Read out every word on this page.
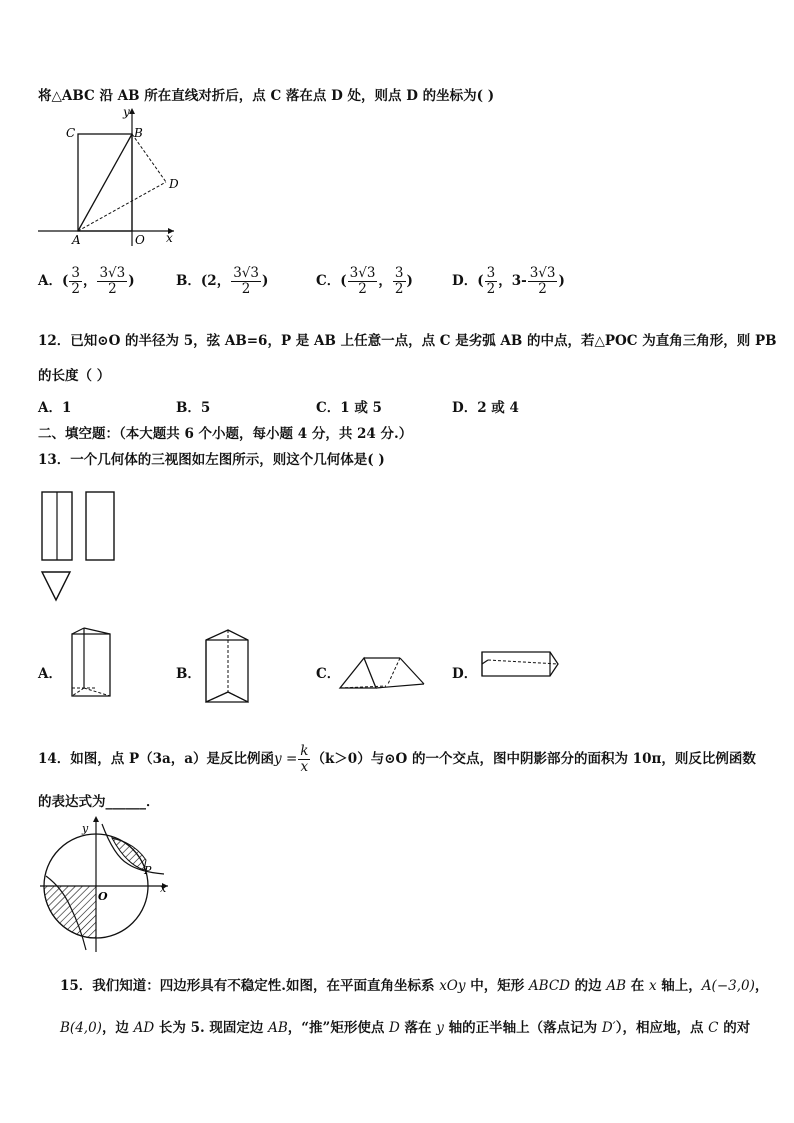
将△ABC 沿 AB 所在直线对折后，点 C 落在点 D 处，则点 D 的坐标为( )
C	B
D
A	O x
y
A．( $\frac{3}{2}$ ， $\frac{3√3}{2}$ )	B．(2， $\frac{3√3}{2}$ )	C．( $\frac{3√3}{2}$ ， $\frac{3}{2}$ )	D．( $\frac{3}{2}$ ，$3- \frac{3√3}{2}$ )
12．已知⊙O 的半径为 5，弦 AB=6，P 是 AB 上任意一点，点 C 是劣弧 AB 的中点，若△POC 为直角三角形，则 PB
的长度（ ）
A．1	B．5	C．1 或 5	D．2 或 4
二、填空题：（本大题共 6 个小题，每小题 4 分，共 24 分.）
13．一个几何体的三视图如左图所示，则这个几何体是( )
A．	B．	C．	D．
14．如图，点 P（3a，a）是反比例函$y = \frac{k}{x} (k>0)$与⊙O 的一个交点，图中阴影部分的面积为 10π，则反比例函数
的表达式为______．
y
x
O
P
15．我们知道：四边形具有不稳定性.如图，在平面直角坐标系 xOy 中，矩形 ABCD 的边 AB 在 x 轴上，A(−3,0)，
B(4,0)，边 AD 长为 5. 现固定边 AB，“推”矩形使点 D 落在 y 轴的正半轴上（落点记为 D′），相应地，点 C 的对
